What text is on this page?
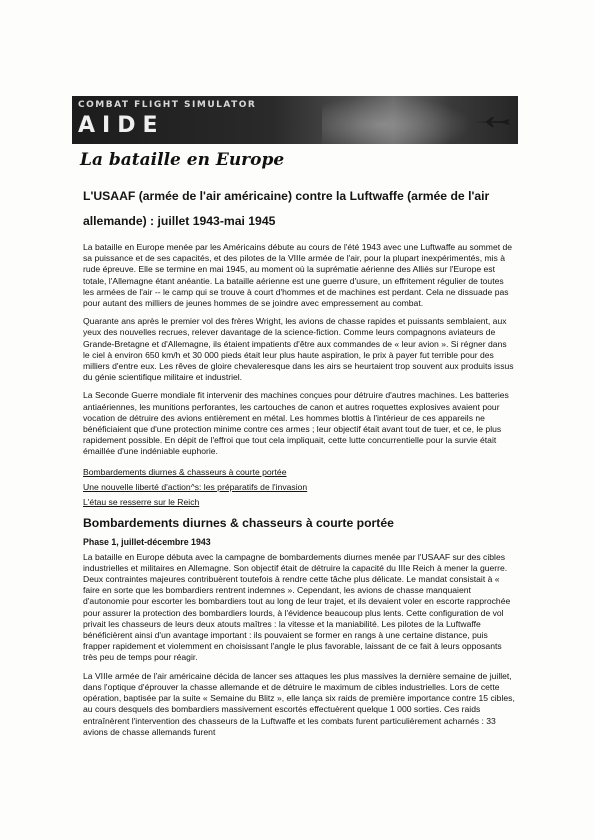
COMBAT FLIGHT SIMULATOR
AIDE
La bataille en Europe
L'USAAF (armée de l'air américaine) contre la Luftwaffe (armée de l'air allemande) : juillet 1943-mai 1945

La bataille en Europe menée par les Américains débute au cours de l'été 1943 avec une Luftwaffe au sommet de sa puissance et de ses capacités, et des pilotes de la VIIIe armée de l'air, pour la plupart inexpérimentés, mis à rude épreuve. Elle se termine en mai 1945, au moment où la suprématie aérienne des Alliés sur l'Europe est totale, l'Allemagne étant anéantie. La bataille aérienne est une guerre d'usure, un effritement régulier de toutes les armées de l'air -- le camp qui se trouve à court d'hommes et de machines est perdant. Cela ne dissuade pas pour autant des milliers de jeunes hommes de se joindre avec empressement au combat.

Quarante ans après le premier vol des frères Wright, les avions de chasse rapides et puissants semblaient, aux yeux des nouvelles recrues, relever davantage de la science-fiction. Comme leurs compagnons aviateurs de Grande-Bretagne et d'Allemagne, ils étaient impatients d'être aux commandes de « leur avion ». Si régner dans le ciel à environ 650 km/h et 30 000 pieds était leur plus haute aspiration, le prix à payer fut terrible pour des milliers d'entre eux. Les rêves de gloire chevaleresque dans les airs se heurtaient trop souvent aux produits issus du génie scientifique militaire et industriel.

La Seconde Guerre mondiale fit intervenir des machines conçues pour détruire d'autres machines. Les batteries antiaériennes, les munitions perforantes, les cartouches de canon et autres roquettes explosives avaient pour vocation de détruire des avions entièrement en métal. Les hommes blottis à l'intérieur de ces appareils ne bénéficiaient que d'une protection minime contre ces armes ; leur objectif était avant tout de tuer, et ce, le plus rapidement possible. En dépit de l'effroi que tout cela impliquait, cette lutte concurrentielle pour la survie était émaillée d'une indéniable euphorie.

Bombardements diurnes & chasseurs à courte portée
Une nouvelle liberté d'action^s: les préparatifs de l'invasion
L'étau se resserre sur le Reich
Bombardements diurnes & chasseurs à courte portée
Phase 1, juillet-décembre 1943

La bataille en Europe débuta avec la campagne de bombardements diurnes menée par l'USAAF sur des cibles industrielles et militaires en Allemagne. Son objectif était de détruire la capacité du IIIe Reich à mener la guerre. Deux contraintes majeures contribuèrent toutefois à rendre cette tâche plus délicate. Le mandat consistait à « faire en sorte que les bombardiers rentrent indemnes ». Cependant, les avions de chasse manquaient d'autonomie pour escorter les bombardiers tout au long de leur trajet, et ils devaient voler en escorte rapprochée pour assurer la protection des bombardiers lourds, à l'évidence beaucoup plus lents. Cette configuration de vol privait les chasseurs de leurs deux atouts maîtres : la vitesse et la maniabilité. Les pilotes de la Luftwaffe bénéficièrent ainsi d'un avantage important : ils pouvaient se former en rangs à une certaine distance, puis frapper rapidement et violemment en choisissant l'angle le plus favorable, laissant de ce fait à leurs opposants très peu de temps pour réagir.

La VIIIe armée de l'air américaine décida de lancer ses attaques les plus massives la dernière semaine de juillet, dans l'optique d'éprouver la chasse allemande et de détruire le maximum de cibles industrielles. Lors de cette opération, baptisée par la suite « Semaine du Blitz », elle lança six raids de première importance contre 15 cibles, au cours desquels des bombardiers massivement escortés effectuèrent quelque 1 000 sorties. Ces raids entraînèrent l'intervention des chasseurs de la Luftwaffe et les combats furent particulièrement acharnés : 33 avions de chasse allemands furent
